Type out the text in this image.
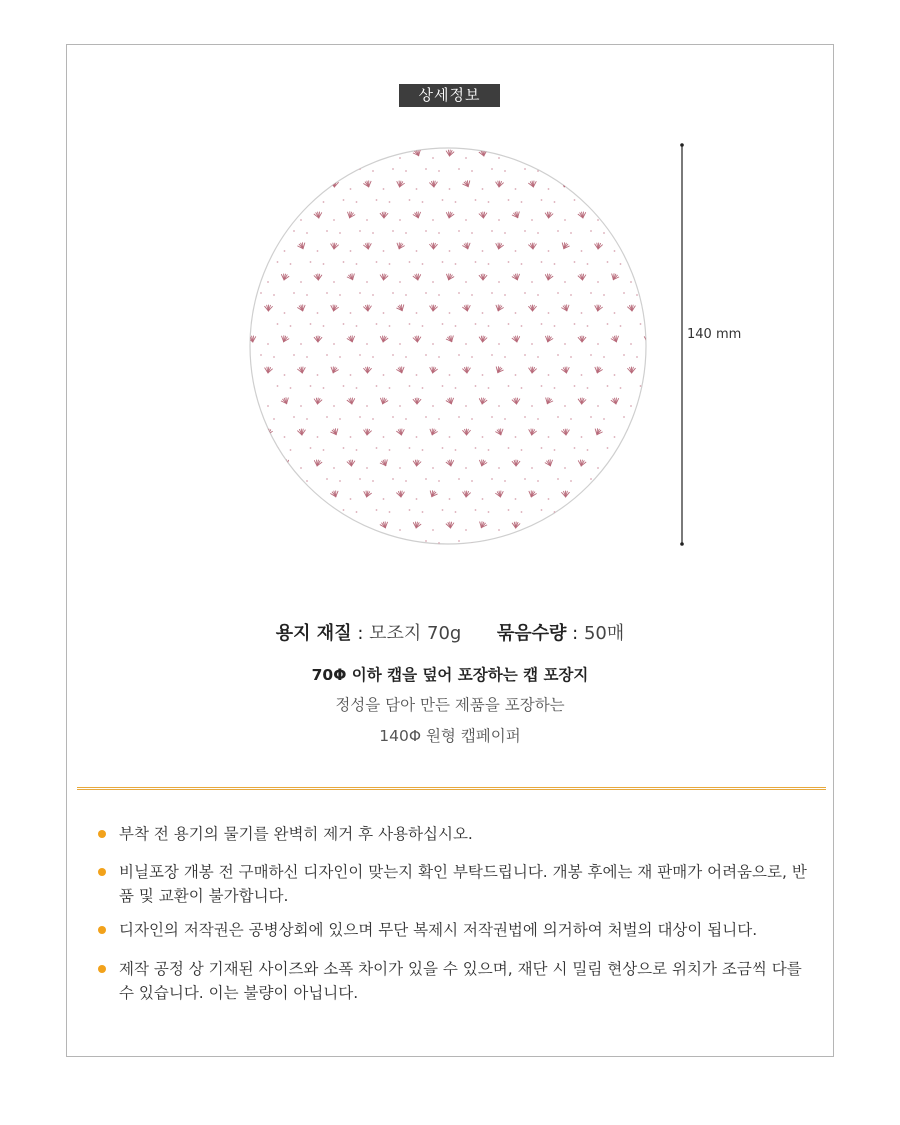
상세정보
140 mm
용지 재질 : 모조지 70g 묶음수량 : 50매
70Φ 이하 캡을 덮어 포장하는 캡 포장지
정성을 담아 만든 제품을 포장하는
140Φ 원형 캡페이퍼
부착 전 용기의 물기를 완벽히 제거 후 사용하십시오.
비닐포장 개봉 전 구매하신 디자인이 맞는지 확인 부탁드립니다. 개봉 후에는 재 판매가 어려움으로, 반품 및 교환이 불가합니다.
디자인의 저작권은 공병상회에 있으며 무단 복제시 저작권법에 의거하여 처벌의 대상이 됩니다.
제작 공정 상 기재된 사이즈와 소폭 차이가 있을 수 있으며, 재단 시 밀림 현상으로 위치가 조금씩 다를 수 있습니다. 이는 불량이 아닙니다.
